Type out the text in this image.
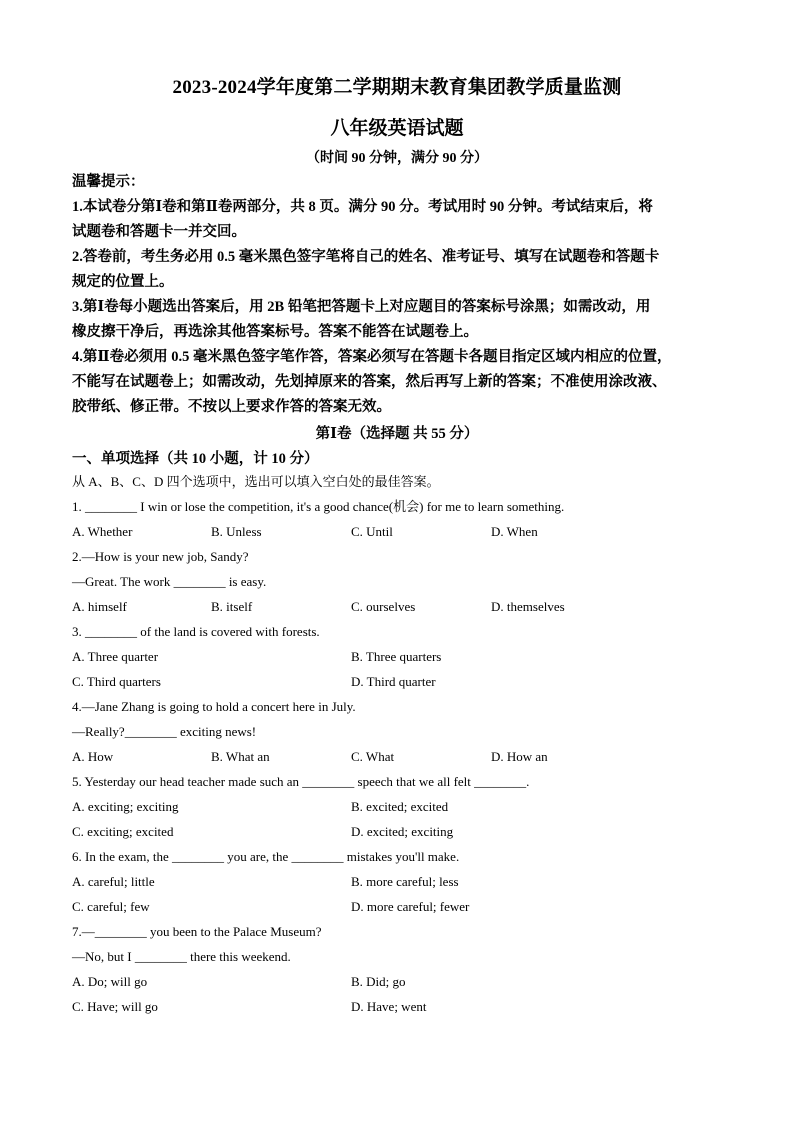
2023-2024学年度第二学期期末教育集团教学质量监测
八年级英语试题
（时间 90 分钟，满分 90 分）
温馨提示：
1.本试卷分第Ⅰ卷和第Ⅱ卷两部分，共 8 页。满分 90 分。考试用时 90 分钟。考试结束后，将
试题卷和答题卡一并交回。
2.答卷前，考生务必用 0.5 毫米黑色签字笔将自己的姓名、准考证号、填写在试题卷和答题卡
规定的位置上。
3.第Ⅰ卷每小题选出答案后，用 2B 铅笔把答题卡上对应题目的答案标号涂黑；如需改动，用
橡皮擦干净后，再选涂其他答案标号。答案不能答在试题卷上。
4.第Ⅱ卷必须用 0.5 毫米黑色签字笔作答，答案必须写在答题卡各题目指定区域内相应的位置，
不能写在试题卷上；如需改动，先划掉原来的答案，然后再写上新的答案；不准使用涂改液、
胶带纸、修正带。不按以上要求作答的答案无效。
第Ⅰ卷（选择题 共 55 分）
一、单项选择（共 10 小题，计 10 分）
从 A、B、C、D 四个选项中，选出可以填入空白处的最佳答案。
1. ________ I win or lose the competition, it's a good chance(机会) for me to learn something.
A. Whether	B. Unless	C. Until	D. When
2.—How is your new job, Sandy?
—Great. The work ________ is easy.
A. himself	B. itself	C. ourselves	D. themselves
3. ________ of the land is covered with forests.
A. Three quarter	B. Three quarters
C. Third quarters	D. Third quarter
4.—Jane Zhang is going to hold a concert here in July.
—Really?________ exciting news!
A. How	B. What an	C. What	D. How an
5. Yesterday our head teacher made such an ________ speech that we all felt ________.
A. exciting; exciting	B. excited; excited
C. exciting; excited	D. excited; exciting
6. In the exam, the ________ you are, the ________ mistakes you'll make.
A. careful; little	B. more careful; less
C. careful; few	D. more careful; fewer
7.—________ you been to the Palace Museum?
—No, but I ________ there this weekend.
A. Do; will go	B. Did; go
C. Have; will go	D. Have; went
